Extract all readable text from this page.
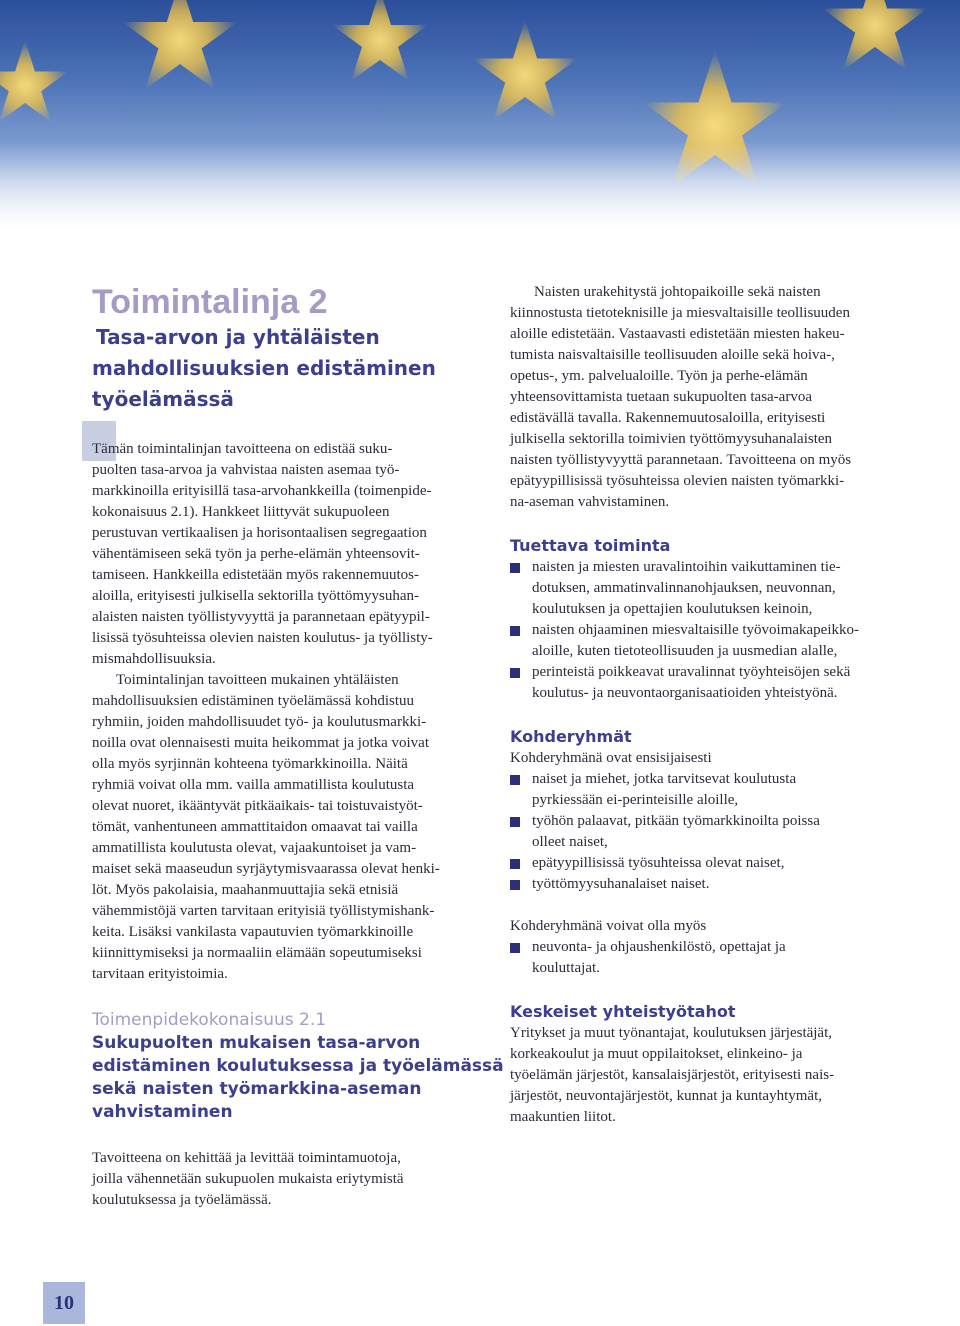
Toimintalinja 2
Tasa-arvon ja yhtäläisten
mahdollisuuksien edistäminen
työelämässä

Tämän toimintalinjan tavoitteena on edistää suku-
puolten tasa-arvoa ja vahvistaa naisten asemaa työ-
markkinoilla erityisillä tasa-arvohankkeilla (toimenpide-
kokonaisuus 2.1). Hankkeet liittyvät sukupuoleen
perustuvan vertikaalisen ja horisontaalisen segregaation
vähentämiseen sekä työn ja perhe-elämän yhteensovit-
tamiseen. Hankkeilla edistetään myös rakennemuutos-
aloilla, erityisesti julkisella sektorilla työttömyysuhan-
alaisten naisten työllistyvyyttä ja parannetaan epätyypil-
lisissä työsuhteissa olevien naisten koulutus- ja työllisty-
mismahdollisuuksia.

Toimintalinjan tavoitteen mukainen yhtäläisten
mahdollisuuksien edistäminen työelämässä kohdistuu
ryhmiin, joiden mahdollisuudet työ- ja koulutusmarkki-
noilla ovat olennaisesti muita heikommat ja jotka voivat
olla myös syrjinnän kohteena työmarkkinoilla. Näitä
ryhmiä voivat olla mm. vailla ammatillista koulutusta
olevat nuoret, ikääntyvät pitkäaikais- tai toistuvaistyöt-
tömät, vanhentuneen ammattitaidon omaavat tai vailla
ammatillista koulutusta olevat, vajaakuntoiset ja vam-
maiset sekä maaseudun syrjäytymisvaarassa olevat henki-
löt. Myös pakolaisia, maahanmuuttajia sekä etnisiä
vähemmistöjä varten tarvitaan erityisiä työllistymishank-
keita. Lisäksi vankilasta vapautuvien työmarkkinoille
kiinnittymiseksi ja normaaliin elämään sopeutumiseksi
tarvitaan erityistoimia.

Toimenpidekokonaisuus 2.1
Sukupuolten mukaisen tasa-arvon
edistäminen koulutuksessa ja työelämässä
sekä naisten työmarkkina-aseman
vahvistaminen

Tavoitteena on kehittää ja levittää toimintamuotoja,
joilla vähennetään sukupuolen mukaista eriytymistä
koulutuksessa ja työelämässä.

Naisten urakehitystä johtopaikoille sekä naisten
kiinnostusta tietoteknisille ja miesvaltaisille teollisuuden
aloille edistetään. Vastaavasti edistetään miesten hakeu-
tumista naisvaltaisille teollisuuden aloille sekä hoiva-,
opetus-, ym. palvelualoille. Työn ja perhe-elämän
yhteensovittamista tuetaan sukupuolten tasa-arvoa
edistävällä tavalla. Rakennemuutosaloilla, erityisesti
julkisella sektorilla toimivien työttömyysuhanalaisten
naisten työllistyvyyttä parannetaan. Tavoitteena on myös
epätyypillisissä työsuhteissa olevien naisten työmarkki-
na-aseman vahvistaminen.

Tuettava toiminta
naisten ja miesten uravalintoihin vaikuttaminen tie-
dotuksen, ammatinvalinnanohjauksen, neuvonnan,
koulutuksen ja opettajien koulutuksen keinoin,
naisten ohjaaminen miesvaltaisille työvoimakapeikko-
aloille, kuten tietoteollisuuden ja uusmedian alalle,
perinteistä poikkeavat uravalinnat työyhteisöjen sekä
koulutus- ja neuvontaorganisaatioiden yhteistyönä.
Kohderyhmät

Kohderyhmänä ovat ensisijaisesti

naiset ja miehet, jotka tarvitsevat koulutusta
pyrkiessään ei-perinteisille aloille,
työhön palaavat, pitkään työmarkkinoilta poissa
olleet naiset,
epätyypillisissä työsuhteissa olevat naiset,
työttömyysuhanalaiset naiset.

Kohderyhmänä voivat olla myös

neuvonta- ja ohjaushenkilöstö, opettajat ja
kouluttajat.
Keskeiset yhteistyötahot

Yritykset ja muut työnantajat, koulutuksen järjestäjät,
korkeakoulut ja muut oppilaitokset, elinkeino- ja
työelämän järjestöt, kansalaisjärjestöt, erityisesti nais-
järjestöt, neuvontajärjestöt, kunnat ja kuntayhtymät,
maakuntien liitot.

10
